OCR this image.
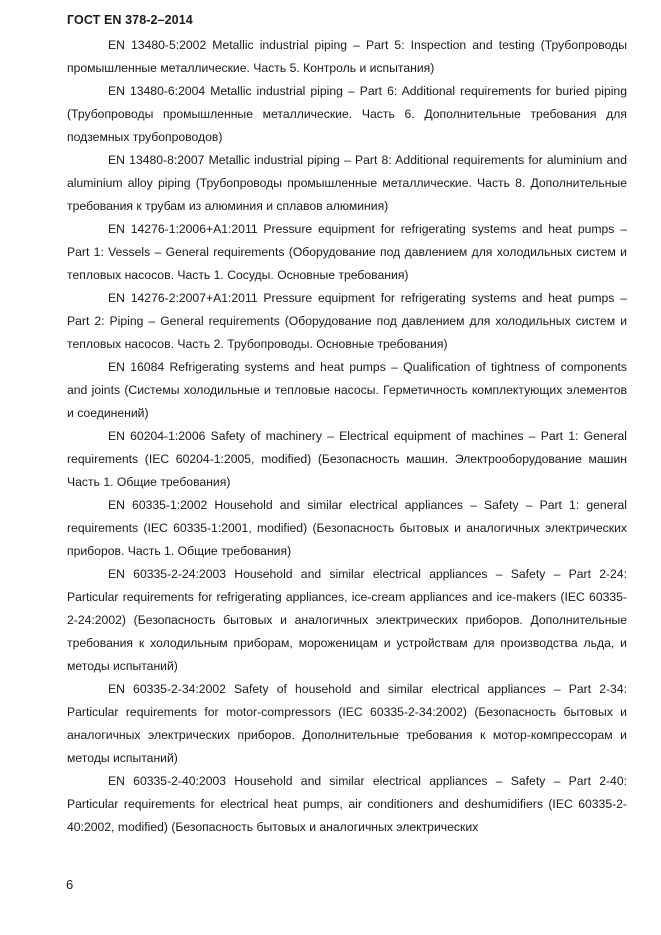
ГОСТ EN 378-2–2014

EN 13480-5:2002 Metallic industrial piping – Part 5: Inspection and testing (Трубопроводы промышленные металлические. Часть 5. Контроль и испытания)

EN 13480-6:2004 Metallic industrial piping – Part 6: Additional requirements for buried piping (Трубопроводы промышленные металлические. Часть 6. Дополнительные требования для подземных трубопроводов)

EN 13480-8:2007 Metallic industrial piping – Part 8: Additional requirements for aluminium and aluminium alloy piping (Трубопроводы промышленные металлические. Часть 8. Дополнительные требования к трубам из алюминия и сплавов алюминия)

EN 14276-1:2006+A1:2011 Pressure equipment for refrigerating systems and heat pumps – Part 1: Vessels – General requirements (Оборудование под давлением для холодильных систем и тепловых насосов. Часть 1. Сосуды. Основные требования)

EN 14276-2:2007+A1:2011 Pressure equipment for refrigerating systems and heat pumps – Part 2: Piping – General requirements (Оборудование под давлением для холодильных систем и тепловых насосов. Часть 2. Трубопроводы. Основные требования)

EN 16084 Refrigerating systems and heat pumps – Qualification of tightness of components and joints (Системы холодильные и тепловые насосы. Герметичность комплектующих элементов и соединений)

EN 60204-1:2006 Safety of machinery – Electrical equipment of machines – Part 1: General requirements (IEC 60204-1:2005, modified) (Безопасность машин. Электрооборудование машин Часть 1. Общие требования)

EN 60335-1:2002 Household and similar electrical appliances – Safety – Part 1: general requirements (IEC 60335-1:2001, modified) (Безопасность бытовых и аналогичных электрических приборов. Часть 1. Общие требования)

EN 60335-2-24:2003 Household and similar electrical appliances – Safety – Part 2-24: Particular requirements for refrigerating appliances, ice-cream appliances and ice-makers (IEC 60335-2-24:2002) (Безопасность бытовых и аналогичных электрических приборов. Дополнительные требования к холодильным приборам, мороженицам и устройствам для производства льда, и методы испытаний)

EN 60335-2-34:2002 Safety of household and similar electrical appliances – Part 2-34: Particular requirements for motor-compressors (IEC 60335-2-34:2002) (Безопасность бытовых и аналогичных электрических приборов. Дополнительные требования к мотор-компрессорам и методы испытаний)

EN 60335-2-40:2003 Household and similar electrical appliances – Safety – Part 2-40: Particular requirements for electrical heat pumps, air conditioners and deshumidifiers (IEC 60335-2-40:2002, modified) (Безопасность бытовых и аналогичных электрических

6
